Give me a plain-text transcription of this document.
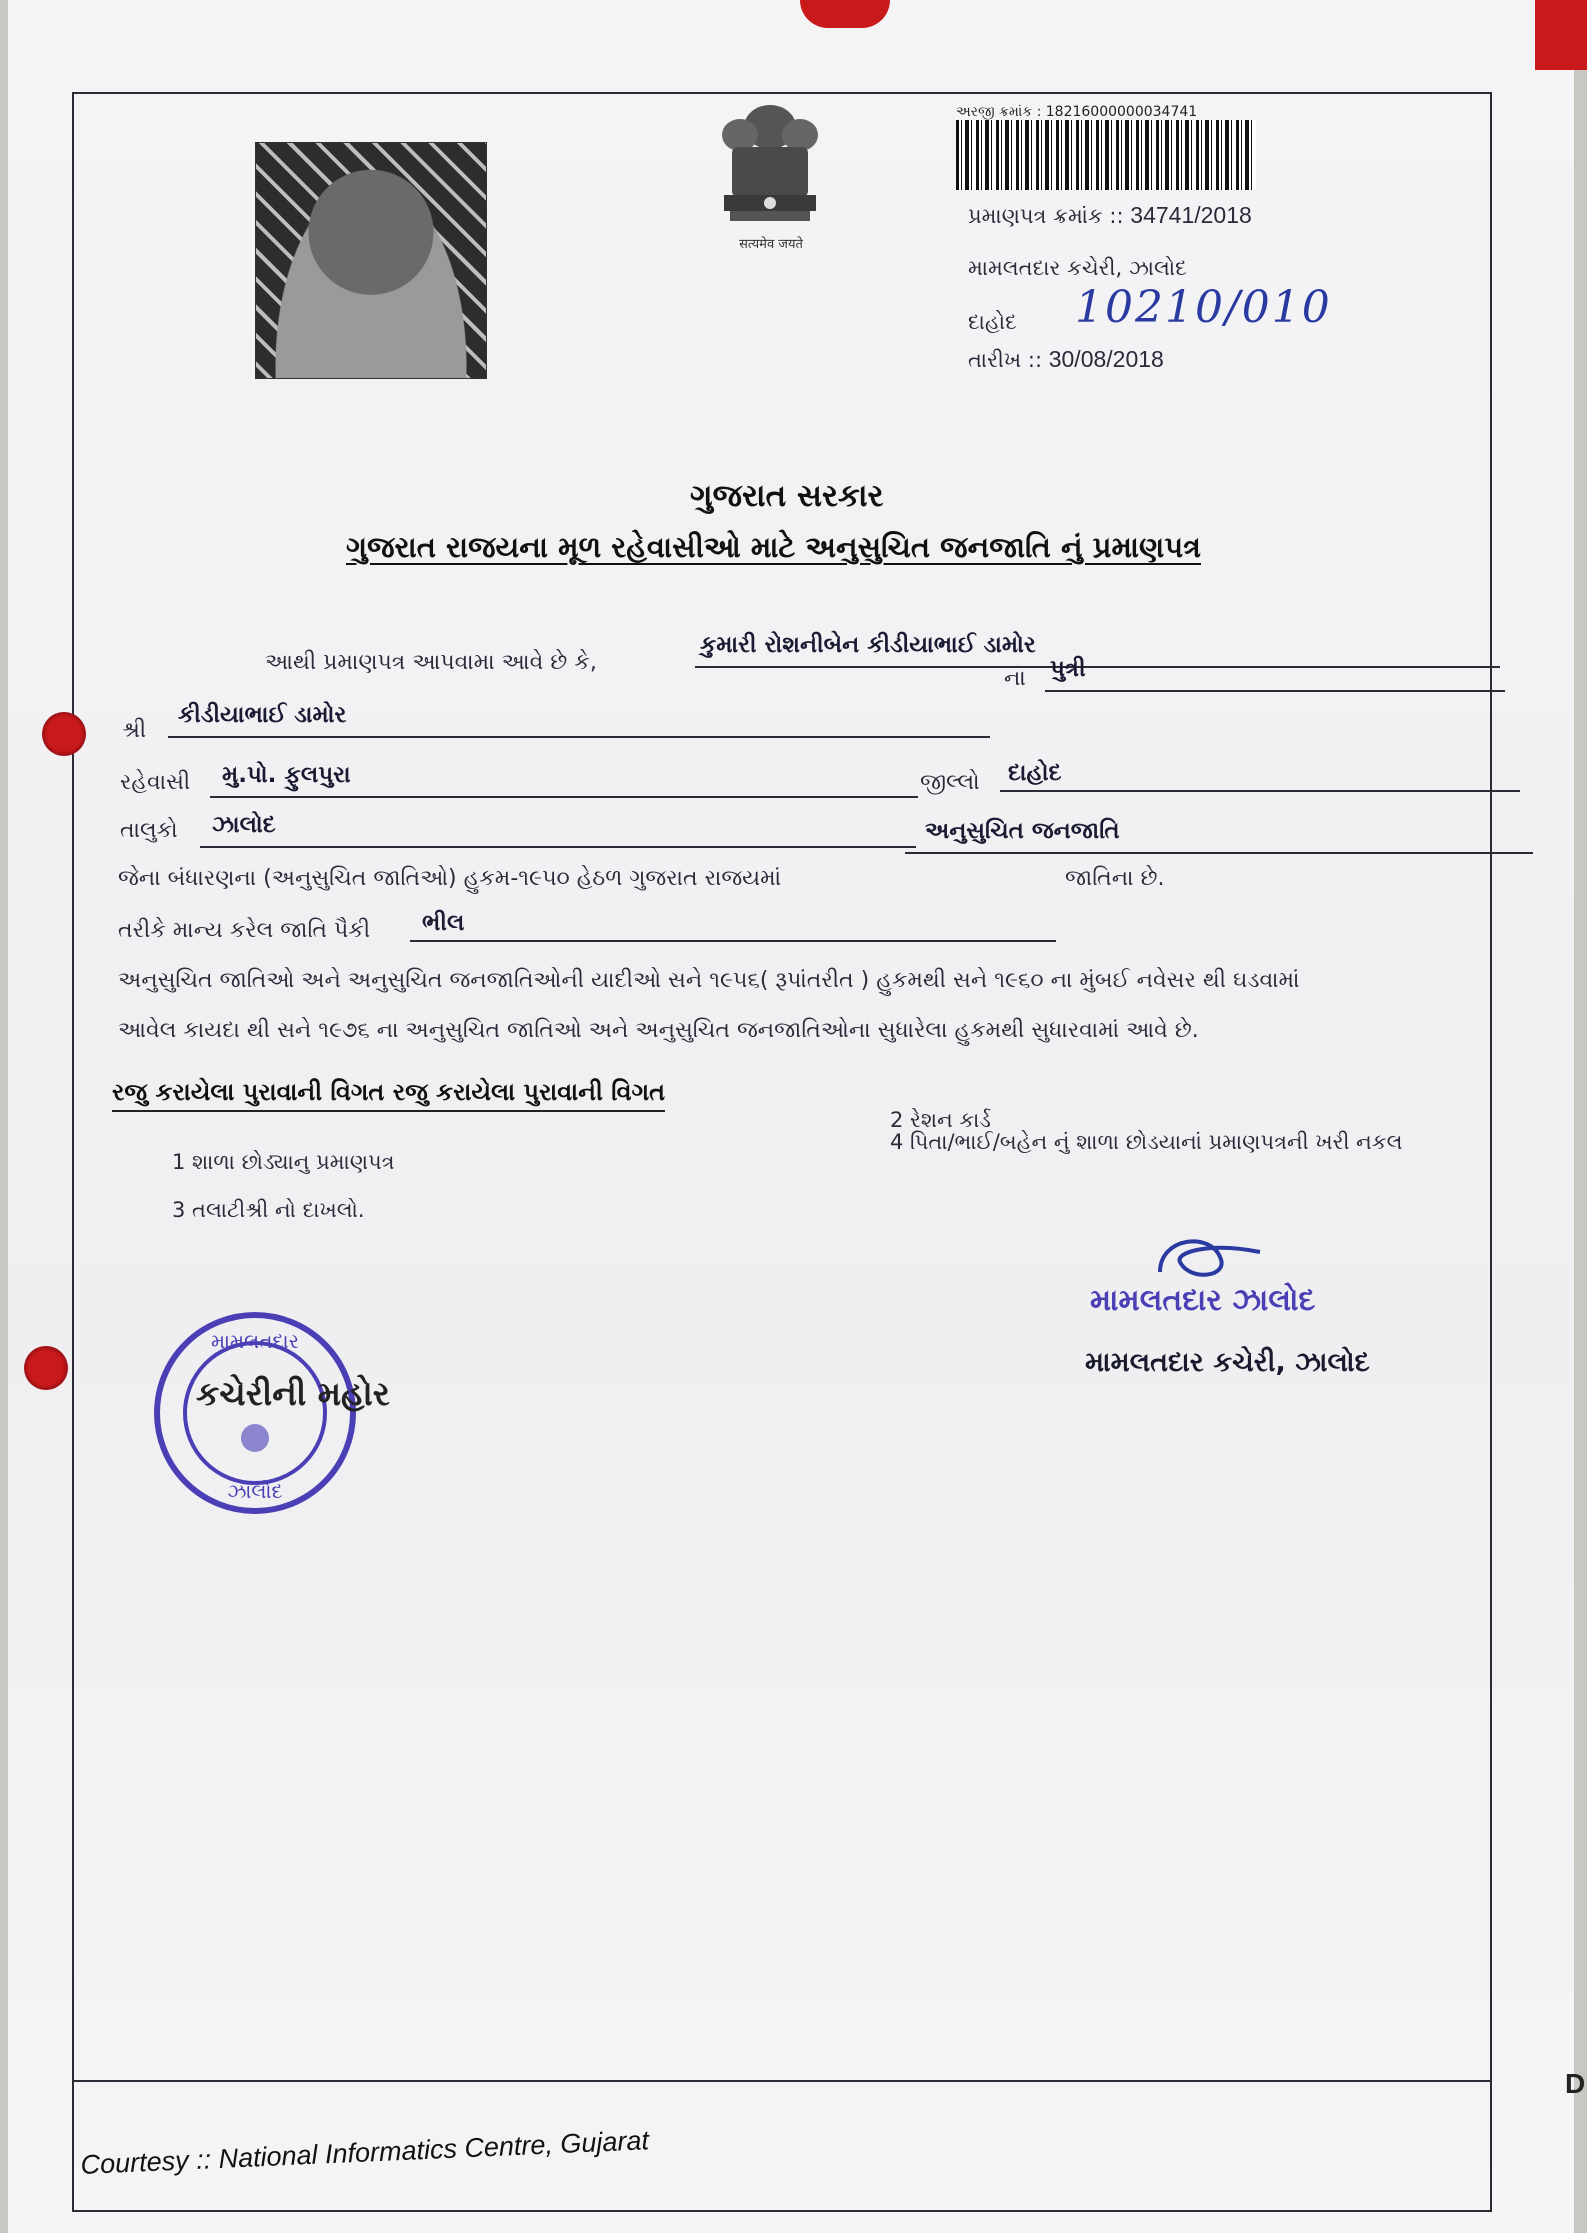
सत्यमेव जयते
અરજી ક્રમાંક : 18216000000034741
પ્રમાણપત્ર ક્રમાંક :: 34741/2018
મામલતદાર કચેરી, ઝાલોદ
દાહોદ 10210/010
તારીખ :: 30/08/2018
ગુજરાત સરકાર
ગુજરાત રાજયના મૂળ રહેવાસીઓ માટે અનુસુચિત જનજાતિ નું પ્રમાણપત્ર
આથી પ્રમાણપત્ર આપવામા આવે છે કે,
કુમારી રોશનીબેન કીડીયાભાઈ ડામોર
શ્રી
કીડીયાભાઈ ડામોર
ના પુત્રી
રહેવાસી મુ.પો. ફુલપુરા	જીલ્લો દાહોદ
તાલુકો ઝાલોદ	અનુસુચિત જનજાતિ
જેના બંધારણના (અનુસુચિત જાતિઓ) હુકમ-૧૯૫૦ હેઠળ ગુજરાત રાજયમાં	જાતિના છે.
તરીકે માન્ય કરેલ જાતિ પૈકી ભીલ
અનુસુચિત જાતિઓ અને અનુસુચિત જનજાતિઓની યાદીઓ સને ૧૯૫૬( રૂપાંતરીત ) હુકમથી સને ૧૯૬૦ ના મુંબઈ નવેસર થી ઘડવામાં
આવેલ કાયદા થી સને ૧૯૭૬ ના અનુસુચિત જાતિઓ અને અનુસુચિત જનજાતિઓના સુધારેલા હુકમથી સુધારવામાં આવે છે.
રજુ કરાયેલા પુરાવાની વિગત રજુ કરાયેલા પુરાવાની વિગત
1 શાળા છોડ્યાનુ પ્રમાણપત્ર
2 રેશન કાર્ડ
3 તલાટીશ્રી નો દાખલો.
4 પિતા/ભાઈ/બહેન નું શાળા છોડયાનાં પ્રમાણપત્રની ખરી નકલ
મામલતદાર
ઝાલોદ
કચેરીની મહોર
મામલતદાર ઝાલોદ
મામલતદાર કચેરી, ઝાલોદ
Courtesy :: National Informatics Centre, Gujarat
D
